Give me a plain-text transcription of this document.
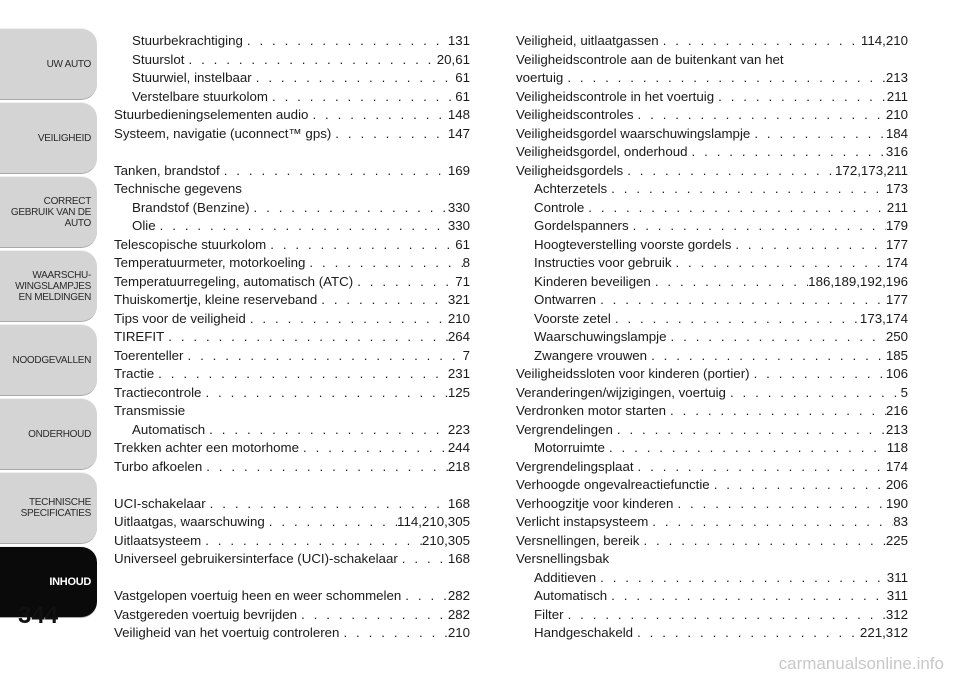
UW AUTO
VEILIGHEID
CORRECT GEBRUIK VAN DE AUTO
WAARSCHU-WINGSLAMPJES EN MELDINGEN
NOODGEVALLEN
ONDERHOUD
TECHNISCHE SPECIFICATIES
INHOUD
344
Stuurbekrachtiging . . .	131
Stuurslot . . .	20,61
Stuurwiel, instelbaar . . .	61
Verstelbare stuurkolom . . .	61
Stuurbedieningselementen audio . . .	148
Systeem, navigatie (uconnect™ gps) . . .	147
Tanken, brandstof . . .	169
Technische gegevens
Brandstof (Benzine) . . .	330
Olie . . .	330
Telescopische stuurkolom . . .	61
Temperatuurmeter, motorkoeling . . .	8
Temperatuurregeling, automatisch (ATC) . . .	71
Thuiskomertje, kleine reserveband . . .	321
Tips voor de veiligheid . . .	210
TIREFIT . . .	264
Toerenteller . . .	7
Tractie . . .	231
Tractiecontrole . . .	125
Transmissie
Automatisch . . .	223
Trekken achter een motorhome . . .	244
Turbo afkoelen . . .	218
UCI-schakelaar . . .	168
Uitlaatgas, waarschuwing . . .	114,210,305
Uitlaatsysteem . . .	210,305
Universeel gebruikersinterface (UCI)-schakelaar . . .	168
Vastgelopen voertuig heen en weer schommelen . . .	282
Vastgereden voertuig bevrijden . . .	282
Veiligheid van het voertuig controleren . . .	210
Veiligheid, uitlaatgassen . . .	114,210
Veiligheidscontrole aan de buitenkant van het
voertuig . . .	213
Veiligheidscontrole in het voertuig . . .	211
Veiligheidscontroles . . .	210
Veiligheidsgordel waarschuwingslampje . . .	184
Veiligheidsgordel, onderhoud . . .	316
Veiligheidsgordels . . .	172,173,211
Achterzetels . . .	173
Controle . . .	211
Gordelspanners . . .	179
Hoogteverstelling voorste gordels . . .	177
Instructies voor gebruik . . .	174
Kinderen beveiligen . . .	186,189,192,196
Ontwarren . . .	177
Voorste zetel . . .	173,174
Waarschuwingslampje . . .	250
Zwangere vrouwen . . .	185
Veiligheidssloten voor kinderen (portier) . . .	106
Veranderingen/wijzigingen, voertuig . . .	5
Verdronken motor starten . . .	216
Vergrendelingen . . .	213
Motorruimte . . .	118
Vergrendelingsplaat . . .	174
Verhoogde ongevalreactiefunctie . . .	206
Verhoogzitje voor kinderen . . .	190
Verlicht instapsysteem . . .	83
Versnellingen, bereik . . .	225
Versnellingsbak
Additieven . . .	311
Automatisch . . .	311
Filter . . .	312
Handgeschakeld . . .	221,312
carmanualsonline.info
